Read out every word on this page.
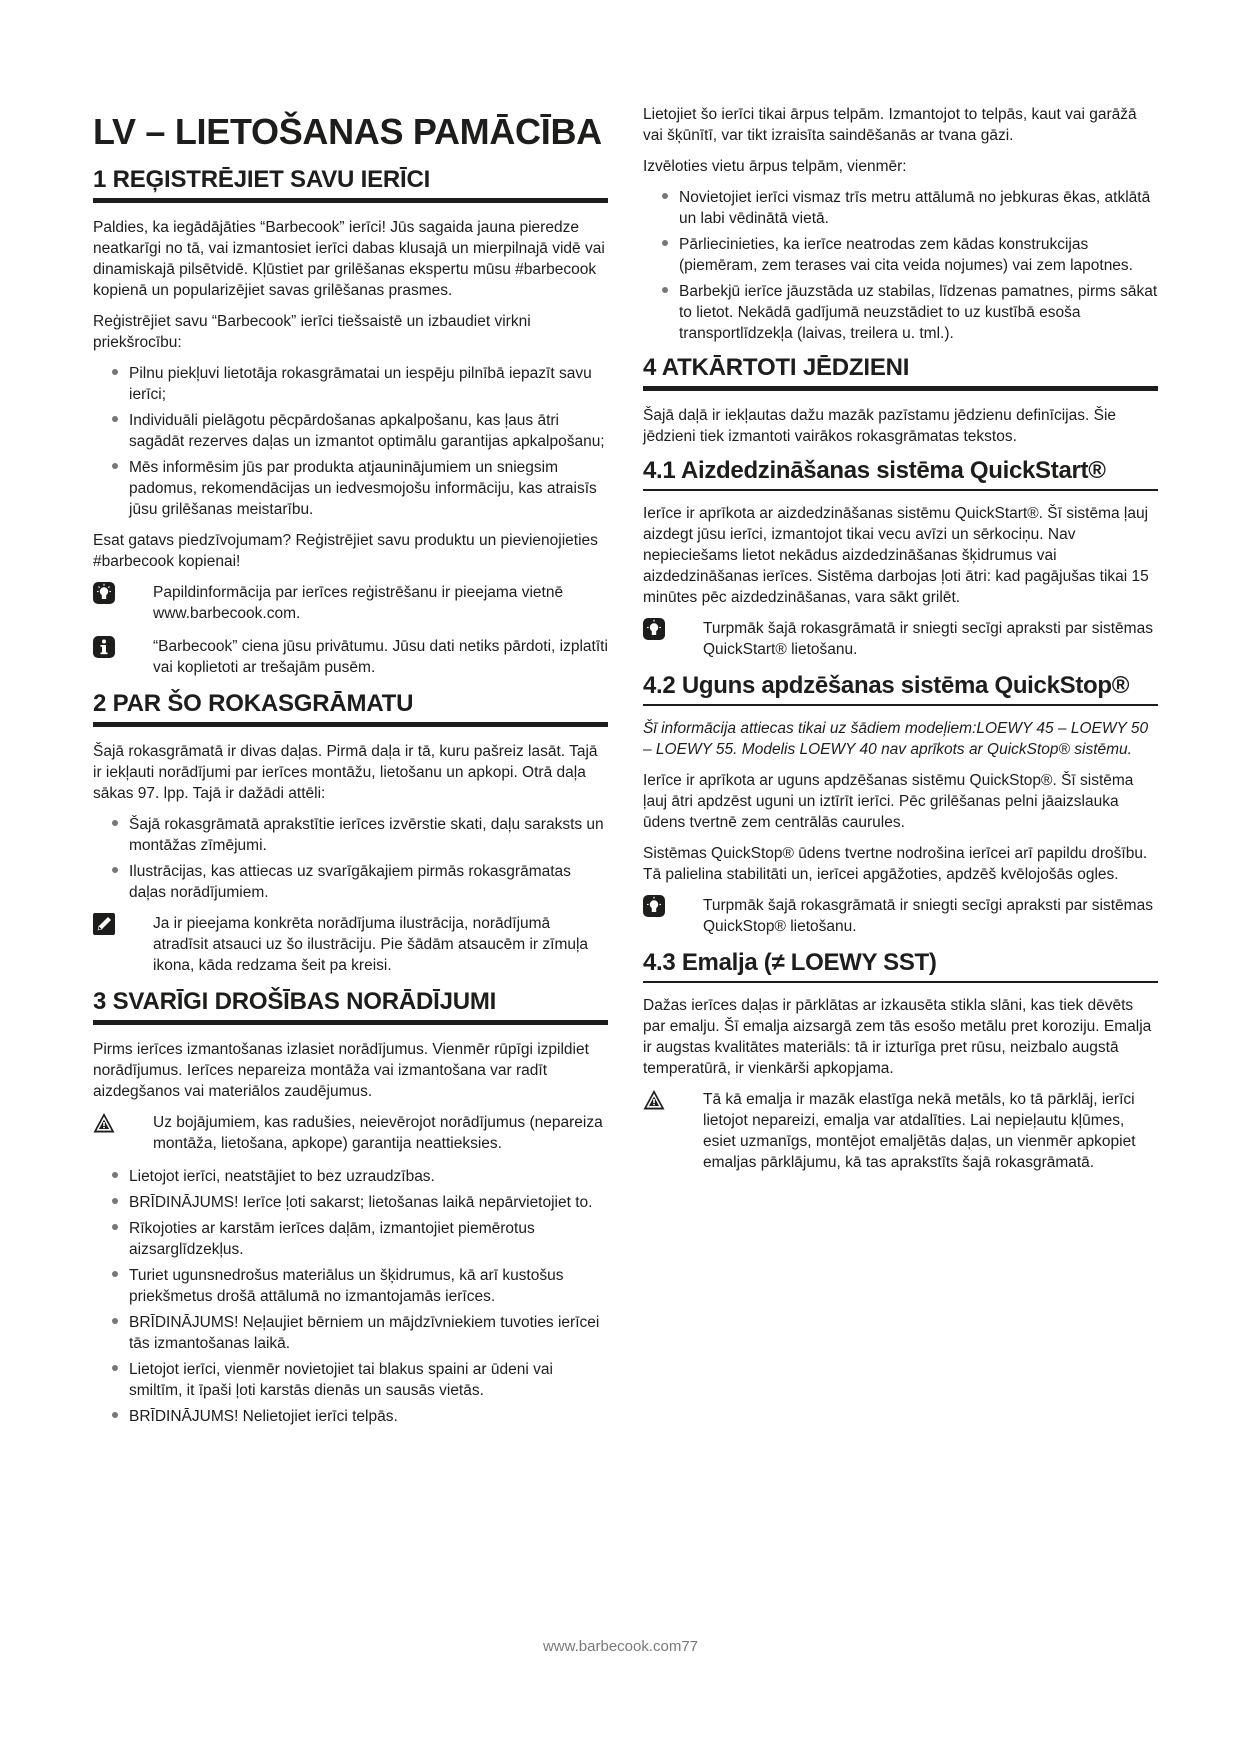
LV – LIETOŠANAS PAMĀCĪBA
1 REĢISTRĒJIET SAVU IERĪCI

Paldies, ka iegādājāties “Barbecook” ierīci! Jūs sagaida jauna pieredze neatkarīgi no tā, vai izmantosiet ierīci dabas klusajā un mierpilnajā vidē vai dinamiskajā pilsētvidē. Kļūstiet par grilēšanas ekspertu mūsu #barbecook kopienā un popularizējiet savas grilēšanas prasmes.

Reģistrējiet savu “Barbecook” ierīci tiešsaistē un izbaudiet virkni priekšrocību:

Pilnu piekļuvi lietotāja rokasgrāmatai un iespēju pilnībā iepazīt savu ierīci;
Individuāli pielāgotu pēcpārdošanas apkalpošanu, kas ļaus ātri sagādāt rezerves daļas un izmantot optimālu garantijas apkalpošanu;
Mēs informēsim jūs par produkta atjauninājumiem un sniegsim padomus, rekomendācijas un iedvesmojošu informāciju, kas atraisīs jūsu grilēšanas meistarību.

Esat gatavs piedzīvojumam? Reģistrējiet savu produktu un pievienojieties #barbecook kopienai!

Papildinformācija par ierīces reģistrēšanu ir pieejama vietnē www.barbecook.com.

“Barbecook” ciena jūsu privātumu. Jūsu dati netiks pārdoti, izplatīti vai koplietoti ar trešajām pusēm.

2 PAR ŠO ROKASGRĀMATU

Šajā rokasgrāmatā ir divas daļas. Pirmā daļa ir tā, kuru pašreiz lasāt. Tajā ir iekļauti norādījumi par ierīces montāžu, lietošanu un apkopi. Otrā daļa sākas 97. lpp. Tajā ir dažādi attēli:

Šajā rokasgrāmatā aprakstītie ierīces izvērstie skati, daļu saraksts un montāžas zīmējumi.
Ilustrācijas, kas attiecas uz svarīgākajiem pirmās rokasgrāmatas daļas norādījumiem.

Ja ir pieejama konkrēta norādījuma ilustrācija, norādījumā atradīsit atsauci uz šo ilustrāciju. Pie šādām atsaucēm ir zīmuļa ikona, kāda redzama šeit pa kreisi.

3 SVARĪGI DROŠĪBAS NORĀDĪJUMI

Pirms ierīces izmantošanas izlasiet norādījumus. Vienmēr rūpīgi izpildiet norādījumus. Ierīces nepareiza montāža vai izmantošana var radīt aizdegšanos vai materiālos zaudējumus.

Uz bojājumiem, kas radušies, neievērojot norādījumus (nepareiza montāža, lietošana, apkope) garantija neattieksies.

Lietojot ierīci, neatstājiet to bez uzraudzības.
BRĪDINĀJUMS! Ierīce ļoti sakarst; lietošanas laikā nepārvietojiet to.
Rīkojoties ar karstām ierīces daļām, izmantojiet piemērotus aizsarglīdzekļus.
Turiet ugunsnedrošus materiālus un šķidrumus, kā arī kustošus priekšmetus drošā attālumā no izmantojamās ierīces.
BRĪDINĀJUMS! Neļaujiet bērniem un mājdzīvniekiem tuvoties ierīcei tās izmantošanas laikā.
Lietojot ierīci, vienmēr novietojiet tai blakus spaini ar ūdeni vai smiltīm, it īpaši ļoti karstās dienās un sausās vietās.
BRĪDINĀJUMS! Nelietojiet ierīci telpās.

Lietojiet šo ierīci tikai ārpus telpām. Izmantojot to telpās, kaut vai garāžā vai šķūnītī, var tikt izraisīta saindēšanās ar tvana gāzi.

Izvēloties vietu ārpus telpām, vienmēr:

Novietojiet ierīci vismaz trīs metru attālumā no jebkuras ēkas, atklātā un labi vēdinātā vietā.
Pārliecinieties, ka ierīce neatrodas zem kādas konstrukcijas (piemēram, zem terases vai cita veida nojumes) vai zem lapotnes.
Barbekjū ierīce jāuzstāda uz stabilas, līdzenas pamatnes, pirms sākat to lietot. Nekādā gadījumā neuzstādiet to uz kustībā esoša transportlīdzekļa (laivas, treilera u. tml.).
4 ATKĀRTOTI JĒDZIENI

Šajā daļā ir iekļautas dažu mazāk pazīstamu jēdzienu definīcijas. Šie jēdzieni tiek izmantoti vairākos rokasgrāmatas tekstos.

4.1 Aizdedzināšanas sistēma QuickStart®

Ierīce ir aprīkota ar aizdedzināšanas sistēmu QuickStart®. Šī sistēma ļauj aizdegt jūsu ierīci, izmantojot tikai vecu avīzi un sērkociņu. Nav nepieciešams lietot nekādus aizdedzināšanas šķidrumus vai aizdedzināšanas ierīces. Sistēma darbojas ļoti ātri: kad pagājušas tikai 15 minūtes pēc aizdedzināšanas, vara sākt grilēt.

Turpmāk šajā rokasgrāmatā ir sniegti secīgi apraksti par sistēmas QuickStart® lietošanu.

4.2 Uguns apdzēšanas sistēma QuickStop®

Šī informācija attiecas tikai uz šādiem modeļiem:LOEWY 45 – LOEWY 50 – LOEWY 55. Modelis LOEWY 40 nav aprīkots ar QuickStop® sistēmu.

Ierīce ir aprīkota ar uguns apdzēšanas sistēmu QuickStop®. Šī sistēma ļauj ātri apdzēst uguni un iztīrīt ierīci. Pēc grilēšanas pelni jāaizslauka ūdens tvertnē zem centrālās caurules.

Sistēmas QuickStop® ūdens tvertne nodrošina ierīcei arī papildu drošību. Tā palielina stabilitāti un, ierīcei apgāžoties, apdzēš kvēlojošās ogles.

Turpmāk šajā rokasgrāmatā ir sniegti secīgi apraksti par sistēmas QuickStop® lietošanu.

4.3 Emalja (≠ LOEWY SST)

Dažas ierīces daļas ir pārklātas ar izkausēta stikla slāni, kas tiek dēvēts par emalju. Šī emalja aizsargā zem tās esošo metālu pret koroziju. Emalja ir augstas kvalitātes materiāls: tā ir izturīga pret rūsu, neizbalo augstā temperatūrā, ir vienkārši apkopjama.

Tā kā emalja ir mazāk elastīga nekā metāls, ko tā pārklāj, ierīci lietojot nepareizi, emalja var atdalīties. Lai nepieļautu kļūmes, esiet uzmanīgs, montējot emaljētās daļas, un vienmēr apkopiet emaljas pārklājumu, kā tas aprakstīts šajā rokasgrāmatā.

www.barbecook.com77
